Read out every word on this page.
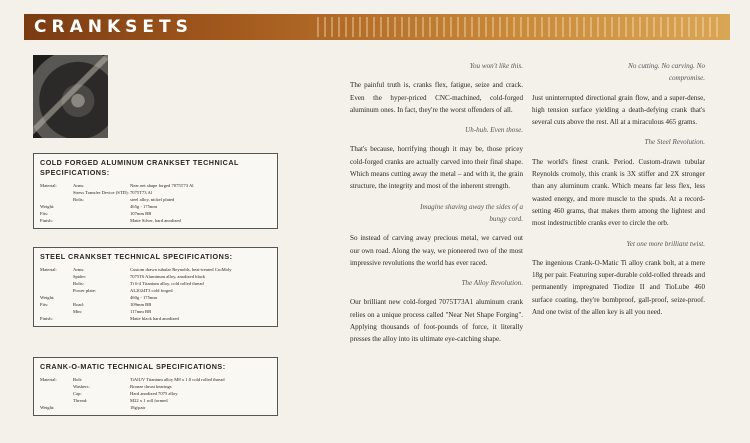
CRANKSETS
COLD FORGED ALUMINUM CRANKSET TECHNICAL SPECIFICATIONS:
Material:	Arms:	Near net shape forged 7075T73 Al
Stress Transfer Device (STD): 7075T73 Al
Bolts:	steel alloy, nickel plated
Weight:	465g - 175mm
Fits:	107mm BB
Finish:	Matte Silver, hard anodized
STEEL CRANKSET TECHNICAL SPECIFICATIONS:
Material:	Arms:	Custom drawn tubular Reynolds, heat-treated CroMoly
Spider:	7075T6 Aluminum alloy, anodized black
Bolts:	Ti 6-4 Titanium alloy, cold rolled thread
Power plate:	AL2024T3 cold forged
Weight:	460g - 175mm
Fits:	Road:	109mm BB
Mtn:	117mm BB
Finish:	Matte black hard anodized
CRANK-O-MATIC TECHNICAL SPECIFICATIONS:
Material:	Bolt:	TiAlUV Titanium alloy M8 x 1.0 cold rolled thread
Washers:	Bronze thrust bearings
Cap:	Hard anodized 7075 alloy
Thread:	M22 x 1 roll formed
Weight:	18g/pair
You won't like this.

The painful truth is, cranks flex, fatigue, seize and crack. Even the hyper-priced CNC-machined, cold-forged aluminum ones. In fact, they're the worst offenders of all.

Uh-huh. Even those.

That's because, horrifying though it may be, those pricey cold-forged cranks are actually carved into their final shape. Which means cutting away the metal – and with it, the grain structure, the integrity and most of the inherent strength.

Imagine shaving away the sides of a bungy cord.

So instead of carving away precious metal, we carved out our own road. Along the way, we pioneered two of the most impressive revolutions the world has ever raced.

The Alloy Revolution.

Our brilliant new cold-forged 7075T73A1 aluminum crank relies on a unique process called "Near Net Shape Forging". Applying thousands of foot-pounds of force, it literally presses the alloy into its ultimate eye-catching shape.

No cutting. No carving. No compromise.

Just uninterrupted directional grain flow, and a super-dense, high tension surface yielding a death-defying crank that's several cuts above the rest. All at a miraculous 465 grams.

The Steel Revolution.

The world's finest crank. Period. Custom-drawn tubular Reynolds cromoly, this crank is 3X stiffer and 2X stronger than any aluminum crank. Which means far less flex, less wasted energy, and more muscle to the spuds. At a record-setting 460 grams, that makes them among the lightest and most indestructible cranks ever to circle the orb.

Yet one more brilliant twist.

The ingenious Crank-O-Matic Ti alloy crank bolt, at a mere 18g per pair. Featuring super-durable cold-rolled threads and permanently impregnated Tiodize II and TioLube 460 surface coating, they're bombproof, gall-proof, seize-proof. And one twist of the allen key is all you need.
